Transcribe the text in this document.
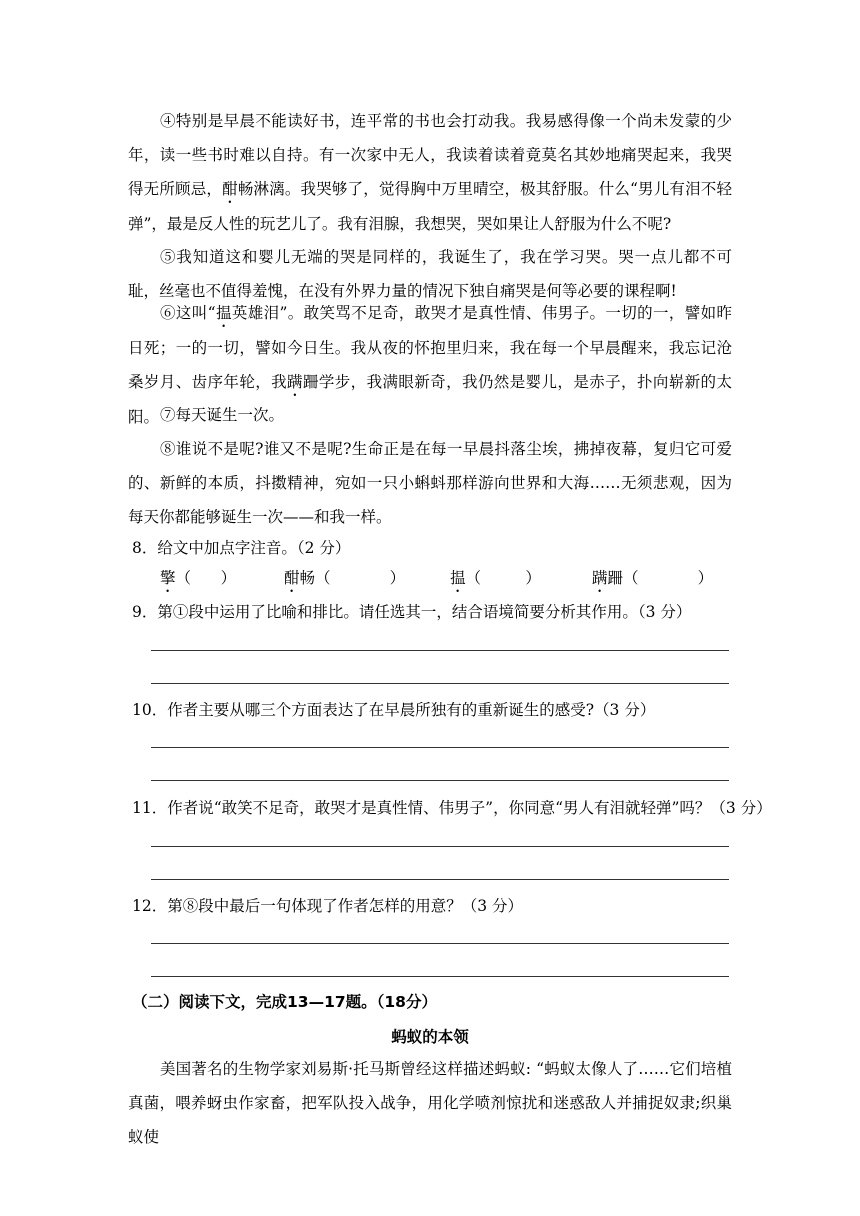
④特别是早晨不能读好书，连平常的书也会打动我。我易感得像一个尚未发蒙的少年，读一些书时难以自持。有一次家中无人，我读着读着竟莫名其妙地痛哭起来，我哭得无所顾忌，酣畅淋漓。我哭够了，觉得胸中万里晴空，极其舒服。什么“男儿有泪不轻弹”，最是反人性的玩艺儿了。我有泪腺，我想哭，哭如果让人舒服为什么不呢?

⑤我知道这和婴儿无端的哭是同样的，我诞生了，我在学习哭。哭一点儿都不可耻，丝毫也不值得羞愧，在没有外界力量的情况下独自痛哭是何等必要的课程啊!

⑥这叫“揾英雄泪”。敢笑骂不足奇，敢哭才是真性情、伟男子。一切的一，譬如昨日死；一的一切，譬如今日生。我从夜的怀抱里归来，我在每一个早晨醒来，我忘记沧桑岁月、齿序年轮，我蹒跚学步，我满眼新奇，我仍然是婴儿，是赤子，扑向崭新的太阳。 ⑦每天诞生一次。

⑧谁说不是呢?谁又不是呢?生命正是在每一早晨抖落尘埃，拂掉夜幕，复归它可爱的、新鲜的本质，抖擞精神，宛如一只小蝌蚪那样游向世界和大海……无须悲观，因为每天你都能够诞生一次——和我一样。

8．给文中加点字注音。（2 分）

擎（      ）	酣畅（            ）	揾（         ）	蹒跚（            ）

9．第①段中运用了比喻和排比。请任选其一，结合语境简要分析其作用。（3 分）

10．作者主要从哪三个方面表达了在早晨所独有的重新诞生的感受?（3 分）

11．作者说“敢笑不足奇，敢哭才是真性情、伟男子”，你同意“男人有泪就轻弹”吗？（3 分）

12．第⑧段中最后一句体现了作者怎样的用意？（3 分）

（二）阅读下文，完成13—17题。（18分）
蚂蚁的本领

美国著名的生物学家刘易斯·托马斯曾经这样描述蚂蚁: “蚂蚁太像人了……它们培植真菌，喂养蚜虫作家畜，把军队投入战争，用化学喷剂惊扰和迷惑敌人并捕捉奴隶;织巢蚁使
